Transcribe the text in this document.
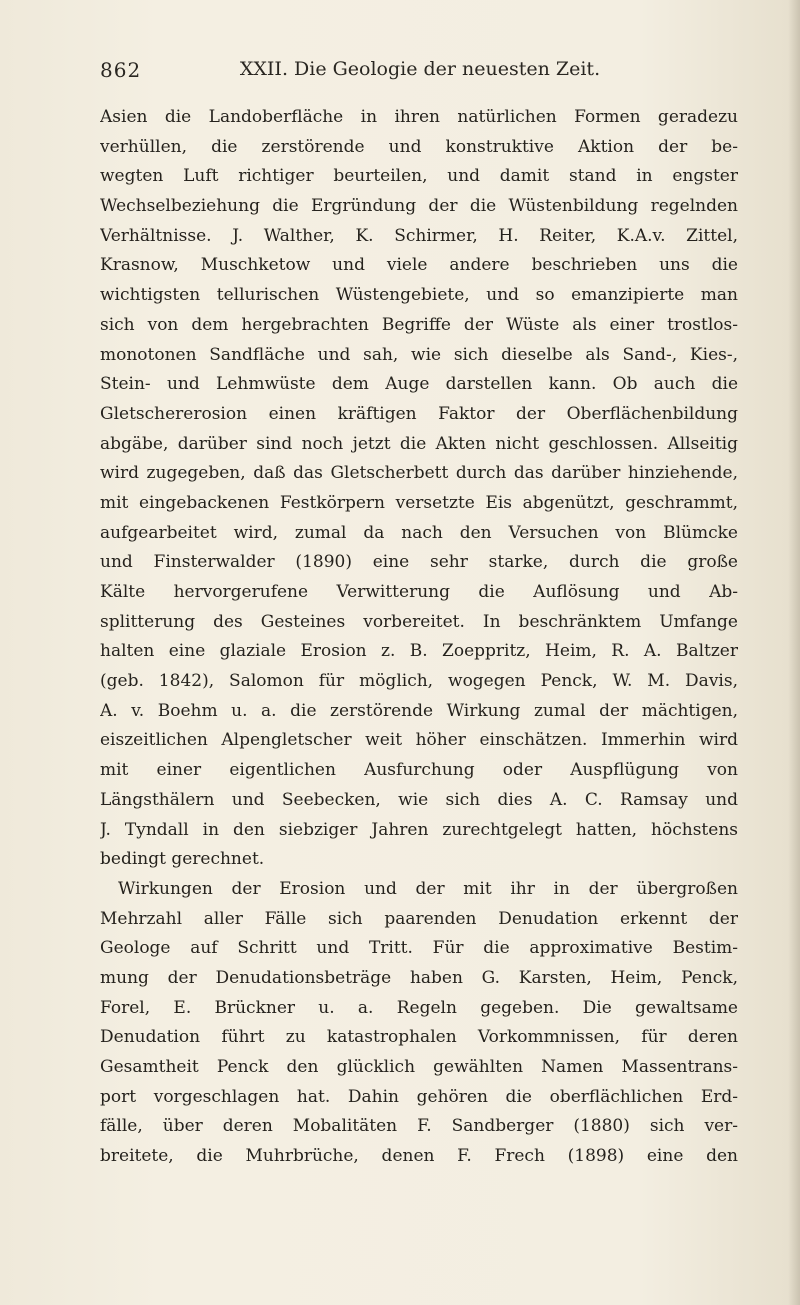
862	XXII. Die Geologie der neuesten Zeit.
Asien die Landoberfläche in ihren natürlichen Formen geradezu
verhüllen, die zerstörende und konstruktive Aktion der be-
wegten Luft richtiger beurteilen, und damit stand in engster
Wechselbeziehung die Ergründung der die Wüstenbildung regelnden
Verhältnisse. J. Walther, K. Schirmer, H. Reiter, K.A.v. Zittel,
Krasnow, Muschketow und viele andere beschrieben uns die
wichtigsten tellurischen Wüstengebiete, und so emanzipierte man
sich von dem hergebrachten Begriffe der Wüste als einer trostlos-
monotonen Sandfläche und sah, wie sich dieselbe als Sand-, Kies-,
Stein- und Lehmwüste dem Auge darstellen kann. Ob auch die
Gletschererosion einen kräftigen Faktor der Oberflächenbildung
abgäbe, darüber sind noch jetzt die Akten nicht geschlossen. Allseitig
wird zugegeben, daß das Gletscherbett durch das darüber hinziehende,
mit eingebackenen Festkörpern versetzte Eis abgenützt, geschrammt,
aufgearbeitet wird, zumal da nach den Versuchen von Blümcke
und Finsterwalder (1890) eine sehr starke, durch die große
Kälte hervorgerufene Verwitterung die Auflösung und Ab-
splitterung des Gesteines vorbereitet. In beschränktem Umfange
halten eine glaziale Erosion z. B. Zoeppritz, Heim, R. A. Baltzer
(geb. 1842), Salomon für möglich, wogegen Penck, W. M. Davis,
A. v. Boehm u. a. die zerstörende Wirkung zumal der mächtigen,
eiszeitlichen Alpengletscher weit höher einschätzen. Immerhin wird
mit einer eigentlichen Ausfurchung oder Auspflügung von
Längsthälern und Seebecken, wie sich dies A. C. Ramsay und
J. Tyndall in den siebziger Jahren zurechtgelegt hatten, höchstens
bedingt gerechnet.
Wirkungen der Erosion und der mit ihr in der übergroßen
Mehrzahl aller Fälle sich paarenden Denudation erkennt der
Geologe auf Schritt und Tritt. Für die approximative Bestim-
mung der Denudationsbeträge haben G. Karsten, Heim, Penck,
Forel, E. Brückner u. a. Regeln gegeben. Die gewaltsame
Denudation führt zu katastrophalen Vorkommnissen, für deren
Gesamtheit Penck den glücklich gewählten Namen Massentrans-
port vorgeschlagen hat. Dahin gehören die oberflächlichen Erd-
fälle, über deren Mobalitäten F. Sandberger (1880) sich ver-
breitete, die Muhrbrüche, denen F. Frech (1898) eine den
